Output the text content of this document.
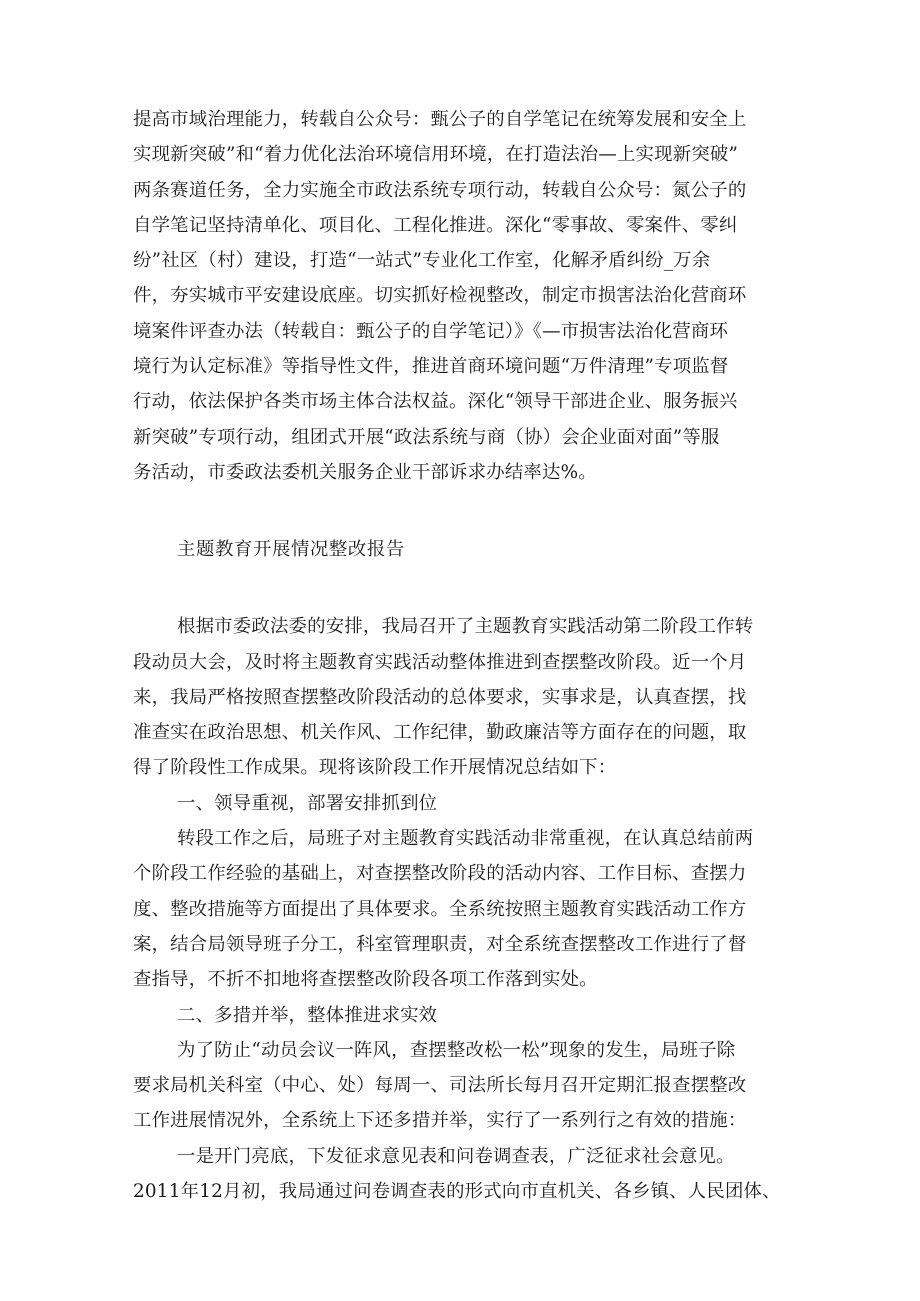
提高市域治理能力，转载自公众号：甄公子的自学笔记在统筹发展和安全上
实现新突破”和“着力优化法治环境信用环境，在打造法治—上实现新突破”
两条赛道任务，全力实施全市政法系统专项行动，转载自公众号：氮公子的
自学笔记坚持清单化、项目化、工程化推进。深化“零事故、零案件、零纠
纷”社区（村）建设，打造“一站式”专业化工作室，化解矛盾纠纷_万余
件，夯实城市平安建设底座。切实抓好检视整改，制定市损害法治化营商环
境案件评查办法（转载自：甄公子的自学笔记）》《—市损害法治化营商环
境行为认定标准》等指导性文件，推进首商环境问题“万件清理”专项监督
行动，依法保护各类市场主体合法权益。深化“领导干部进企业、服务振兴
新突破”专项行动，组团式开展“政法系统与商（协）会企业面对面”等服
务活动，市委政法委机关服务企业干部诉求办结率达%。
主题教育开展情况整改报告
根据市委政法委的安排，我局召开了主题教育实践活动第二阶段工作转
段动员大会，及时将主题教育实践活动整体推进到查摆整改阶段。近一个月
来，我局严格按照查摆整改阶段活动的总体要求，实事求是，认真查摆，找
准查实在政治思想、机关作风、工作纪律，勤政廉洁等方面存在的问题，取
得了阶段性工作成果。现将该阶段工作开展情况总结如下：
一、领导重视，部署安排抓到位
转段工作之后，局班子对主题教育实践活动非常重视，在认真总结前两
个阶段工作经验的基础上，对查摆整改阶段的活动内容、工作目标、查摆力
度、整改措施等方面提出了具体要求。全系统按照主题教育实践活动工作方
案，结合局领导班子分工，科室管理职责，对全系统查摆整改工作进行了督
查指导，不折不扣地将查摆整改阶段各项工作落到实处。
二、多措并举，整体推进求实效
为了防止“动员会议一阵风，查摆整改松一松”现象的发生，局班子除
要求局机关科室（中心、处）每周一、司法所长每月召开定期汇报查摆整改
工作进展情况外，全系统上下还多措并举，实行了一系列行之有效的措施：
一是开门亮底，下发征求意见表和问卷调查表，广泛征求社会意见。
2011年12月初，我局通过问卷调查表的形式向市直机关、各乡镇、人民团体、
